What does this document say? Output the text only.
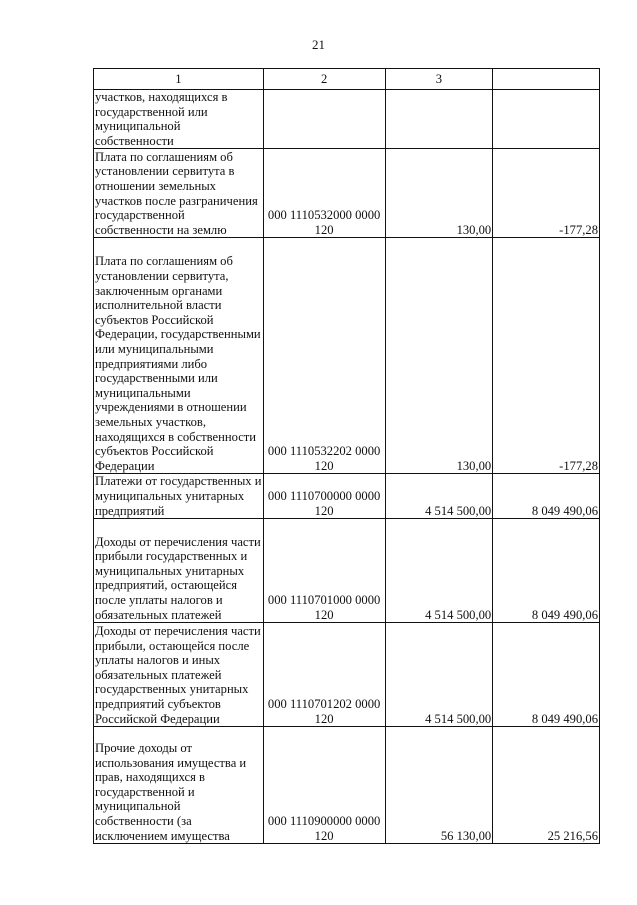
21
1	2	3	
участков, находящихся в государственной или муниципальной собственности			
Плата по соглашениям об установлении сервитута в отношении земельных участков после разграничения государственной собственности на землю	000 1110532000 0000 120	130,00	-177,28
Плата по соглашениям об установлении сервитута, заключенным органами исполнительной власти субъектов Российской Федерации, государственными или муниципальными предприятиями либо государственными или муниципальными учреждениями в отношении земельных участков, находящихся в собственности субъектов Российской Федерации	000 1110532202 0000 120	130,00	-177,28
Платежи от государственных и муниципальных унитарных предприятий	000 1110700000 0000 120	4 514 500,00	8 049 490,06
Доходы от перечисления части прибыли государственных и муниципальных унитарных предприятий, остающейся после уплаты налогов и обязательных платежей	000 1110701000 0000 120	4 514 500,00	8 049 490,06
Доходы от перечисления части прибыли, остающейся после уплаты налогов и иных обязательных платежей государственных унитарных предприятий субъектов Российской Федерации	000 1110701202 0000 120	4 514 500,00	8 049 490,06
Прочие доходы от использования имущества и прав, находящихся в государственной и муниципальной собственности (за исключением имущества	000 1110900000 0000 120	56 130,00	25 216,56
